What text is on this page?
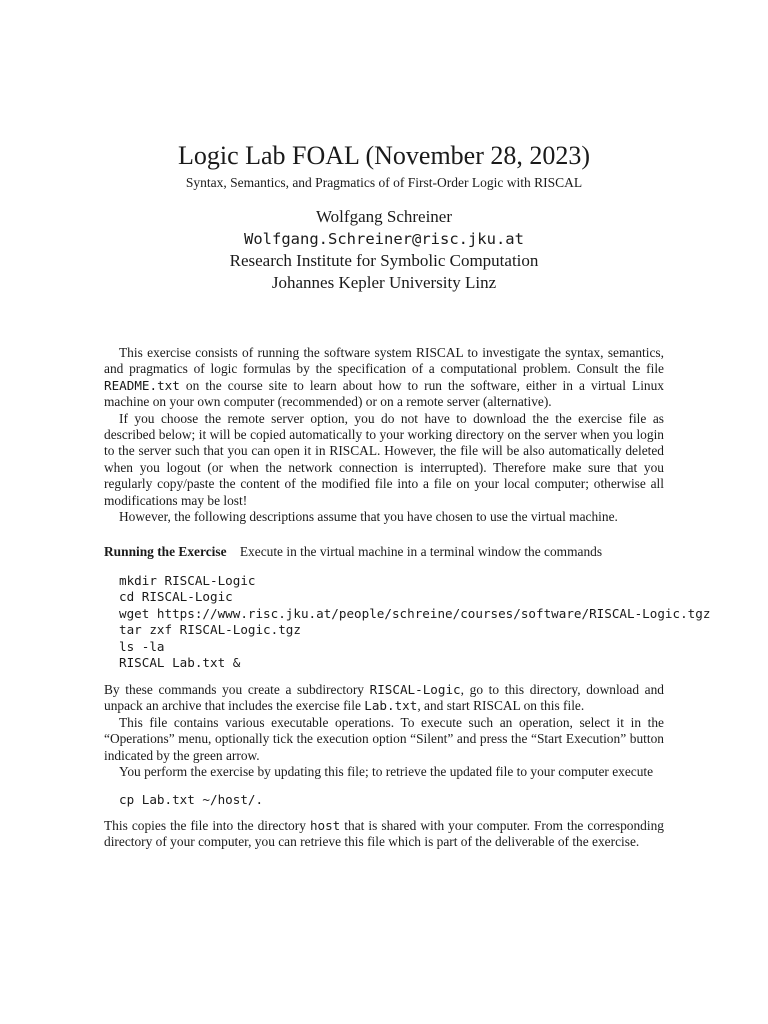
Logic Lab FOAL (November 28, 2023)
Syntax, Semantics, and Pragmatics of of First-Order Logic with RISCAL
Wolfgang Schreiner
Wolfgang.Schreiner@risc.jku.at
Research Institute for Symbolic Computation
Johannes Kepler University Linz

This exercise consists of running the software system RISCAL to investigate the syntax, semantics, and pragmatics of logic formulas by the specification of a computational problem. Consult the file README.txt on the course site to learn about how to run the software, either in a virtual Linux machine on your own computer (recommended) or on a remote server (alternative).

If you choose the remote server option, you do not have to download the the exercise file as described below; it will be copied automatically to your working directory on the server when you login to the server such that you can open it in RISCAL. However, the file will be also automatically deleted when you logout (or when the network connection is interrupted). Therefore make sure that you regularly copy/paste the content of the modified file into a file on your local computer; otherwise all modifications may be lost!

However, the following descriptions assume that you have chosen to use the virtual machine.

Running the Exercise Execute in the virtual machine in a terminal window the commands

mkdir RISCAL-Logic
cd RISCAL-Logic
wget https://www.risc.jku.at/people/schreine/courses/software/RISCAL-Logic.tgz
tar zxf RISCAL-Logic.tgz
ls -la
RISCAL Lab.txt &

By these commands you create a subdirectory RISCAL-Logic, go to this directory, download and unpack an archive that includes the exercise file Lab.txt, and start RISCAL on this file.

This file contains various executable operations. To execute such an operation, select it in the “Operations” menu, optionally tick the execution option “Silent” and press the “Start Execution” button indicated by the green arrow.

You perform the exercise by updating this file; to retrieve the updated file to your computer execute

cp Lab.txt ~/host/.

This copies the file into the directory host that is shared with your computer. From the corresponding directory of your computer, you can retrieve this file which is part of the deliverable of the exercise.
